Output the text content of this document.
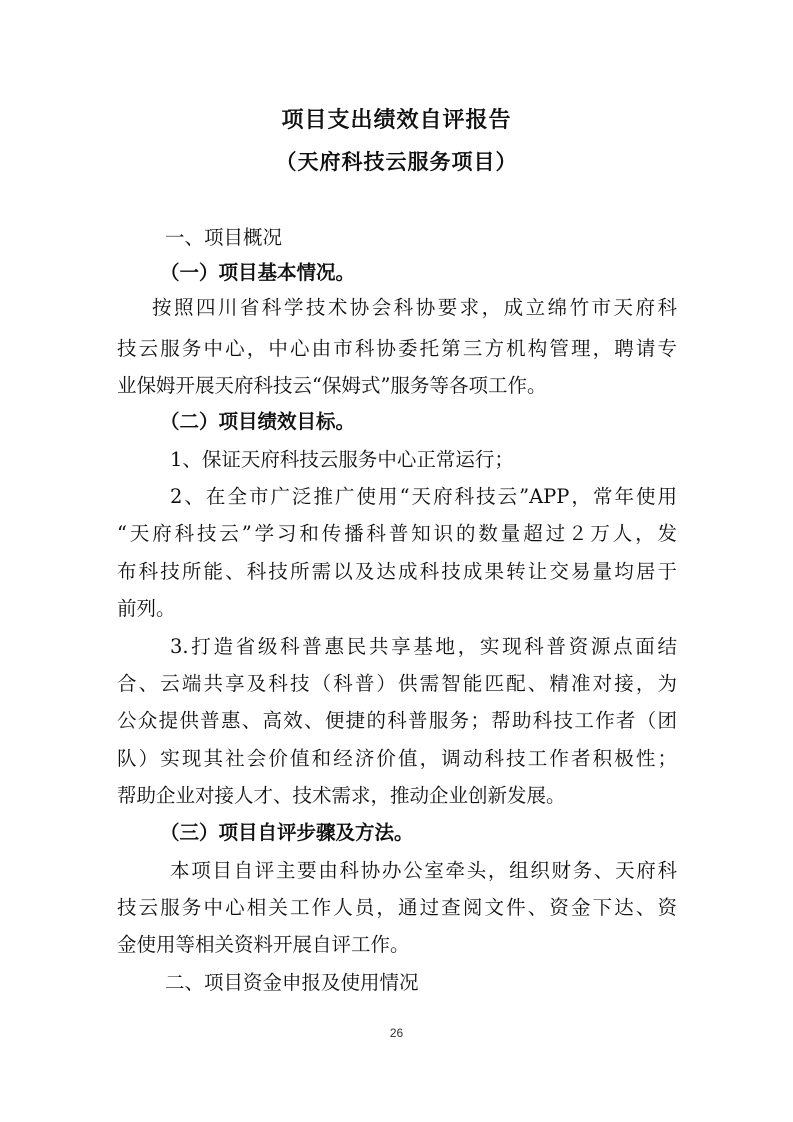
项目支出绩效自评报告
（天府科技云服务项目）
一、项目概况
（一）项目基本情况。
按照四川省科学技术协会科协要求，成立绵竹市天府科
技云服务中心，中心由市科协委托第三方机构管理，聘请专
业保姆开展天府科技云“保姆式”服务等各项工作。
（二）项目绩效目标。
1、保证天府科技云服务中心正常运行；
2、在全市广泛推广使用“天府科技云”APP，常年使用
“天府科技云”学习和传播科普知识的数量超过２万人，发
布科技所能、科技所需以及达成科技成果转让交易量均居于
前列。
3.打造省级科普惠民共享基地，实现科普资源点面结
合、云端共享及科技（科普）供需智能匹配、精准对接，为
公众提供普惠、高效、便捷的科普服务；帮助科技工作者（团
队）实现其社会价值和经济价值，调动科技工作者积极性；
帮助企业对接人才、技术需求，推动企业创新发展。
（三）项目自评步骤及方法。
本项目自评主要由科协办公室牵头，组织财务、天府科
技云服务中心相关工作人员，通过查阅文件、资金下达、资
金使用等相关资料开展自评工作。
二、项目资金申报及使用情况
26
